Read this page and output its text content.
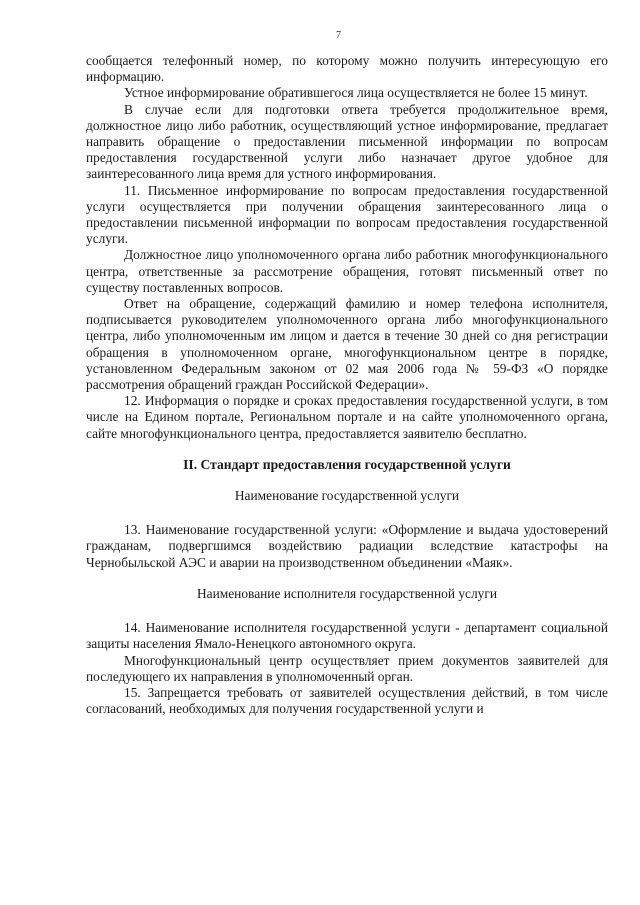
7

сообщается телефонный номер, по которому можно получить интересующую его информацию.

Устное информирование обратившегося лица осуществляется не более 15 минут.

В случае если для подготовки ответа требуется продолжительное время, должностное лицо либо работник, осуществляющий устное информирование, предлагает направить обращение о предоставлении письменной информации по вопросам предоставления государственной услуги либо назначает другое удобное для заинтересованного лица время для устного информирования.

11. Письменное информирование по вопросам предоставления государственной услуги осуществляется при получении обращения заинтересованного лица о предоставлении письменной информации по вопросам предоставления государственной услуги.

Должностное лицо уполномоченного органа либо работник многофункционального центра, ответственные за рассмотрение обращения, готовят письменный ответ по существу поставленных вопросов.

Ответ на обращение, содержащий фамилию и номер телефона исполнителя, подписывается руководителем уполномоченного органа либо многофункционального центра, либо уполномоченным им лицом и дается в течение 30 дней со дня регистрации обращения в уполномоченном органе, многофункциональном центре в порядке, установленном Федеральным законом от 02 мая 2006 года № 59-ФЗ «О порядке рассмотрения обращений граждан Российской Федерации».

12. Информация о порядке и сроках предоставления государственной услуги, в том числе на Едином портале, Региональном портале и на сайте уполномоченного органа, сайте многофункционального центра, предоставляется заявителю бесплатно.

II. Стандарт предоставления государственной услуги

Наименование государственной услуги

13. Наименование государственной услуги: «Оформление и выдача удостоверений гражданам, подвергшимся воздействию радиации вследствие катастрофы на Чернобыльской АЭС и аварии на производственном объединении «Маяк».

Наименование исполнителя государственной услуги

14. Наименование исполнителя государственной услуги - департамент социальной защиты населения Ямало-Ненецкого автономного округа.

Многофункциональный центр осуществляет прием документов заявителей для последующего их направления в уполномоченный орган.

15. Запрещается требовать от заявителей осуществления действий, в том числе согласований, необходимых для получения государственной услуги и
